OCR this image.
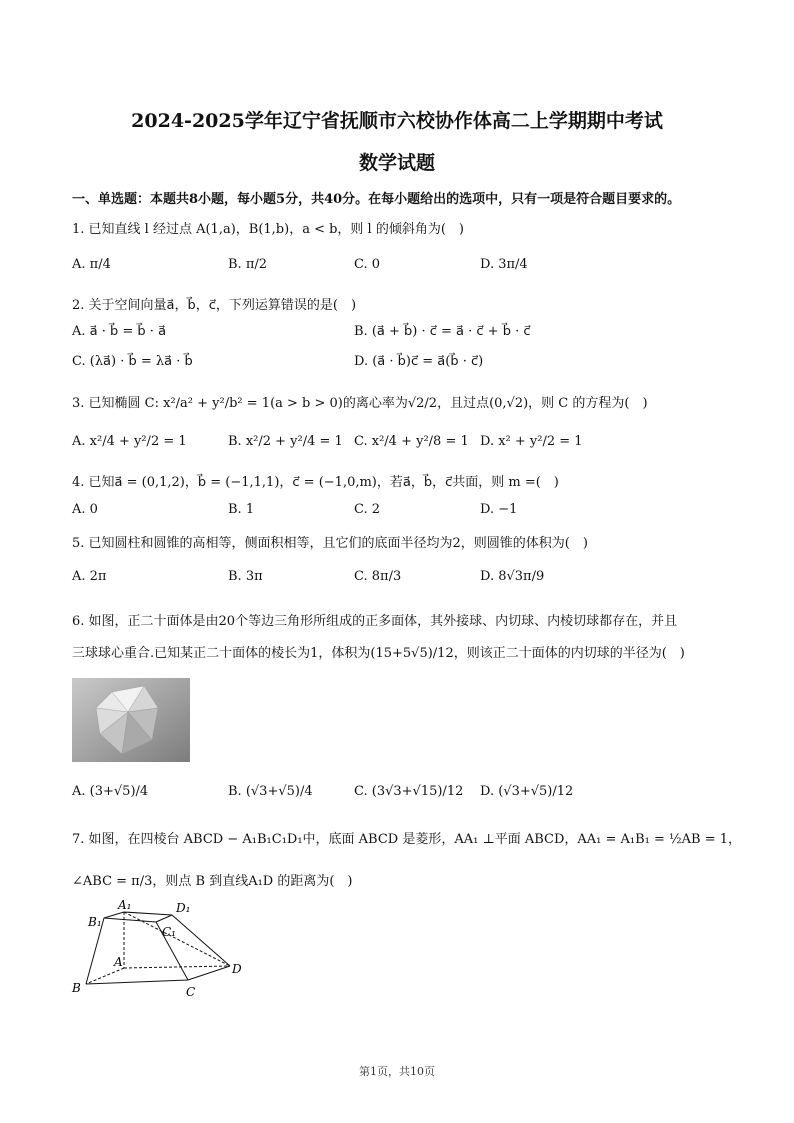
2024-2025学年辽宁省抚顺市六校协作体高二上学期期中考试
数学试题
一、单选题：本题共8小题，每小题5分，共40分。在每小题给出的选项中，只有一项是符合题目要求的。
1. 已知直线 l 经过点 A(1,a)，B(1,b)，a < b，则 l 的倾斜角为(　)
A. π/4	B. π/2	C. 0	D. 3π/4
2. 关于空间向量a⃗，b⃗，c⃗，下列运算错误的是(　)
A. a⃗ · b⃗ = b⃗ · a⃗	B. (a⃗ + b⃗) · c⃗ = a⃗ · c⃗ + b⃗ · c⃗
C. (λa⃗) · b⃗ = λa⃗ · b⃗	D. (a⃗ · b⃗)c⃗ = a⃗(b⃗ · c⃗)
3. 已知椭圆 C: x²/a² + y²/b² = 1(a > b > 0)的离心率为√2/2，且过点(0,√2)，则 C 的方程为(　)
A. x²/4 + y²/2 = 1	B. x²/2 + y²/4 = 1 C. x²/4 + y²/8 = 1 D. x² + y²/2 = 1
4. 已知a⃗ = (0,1,2)，b⃗ = (−1,1,1)，c⃗ = (−1,0,m)，若a⃗，b⃗，c⃗共面，则 m =(　)
A. 0	B. 1	C. 2	D. −1
5. 已知圆柱和圆锥的高相等，侧面积相等，且它们的底面半径均为2，则圆锥的体积为(　)
A. 2π	B. 3π	C. 8π/3	D. 8√3π/9
6. 如图，正二十面体是由20个等边三角形所组成的正多面体，其外接球、内切球、内棱切球都存在，并且
三球球心重合.已知某正二十面体的棱长为1，体积为(15+5√5)/12，则该正二十面体的内切球的半径为(　)
A. (3+√5)/4	B. (√3+√5)/4	C. (3√3+√15)/12 D. (√3+√5)/12
7. 如图，在四棱台 ABCD − A₁B₁C₁D₁中，底面 ABCD 是菱形，AA₁ ⊥平面 ABCD，AA₁ = A₁B₁ = ½AB = 1，
∠ABC = π/3，则点 B 到直线A₁D 的距离为(　)
A₁	D₁
B₁
C₁
A
B	C
D
第1页，共10页
